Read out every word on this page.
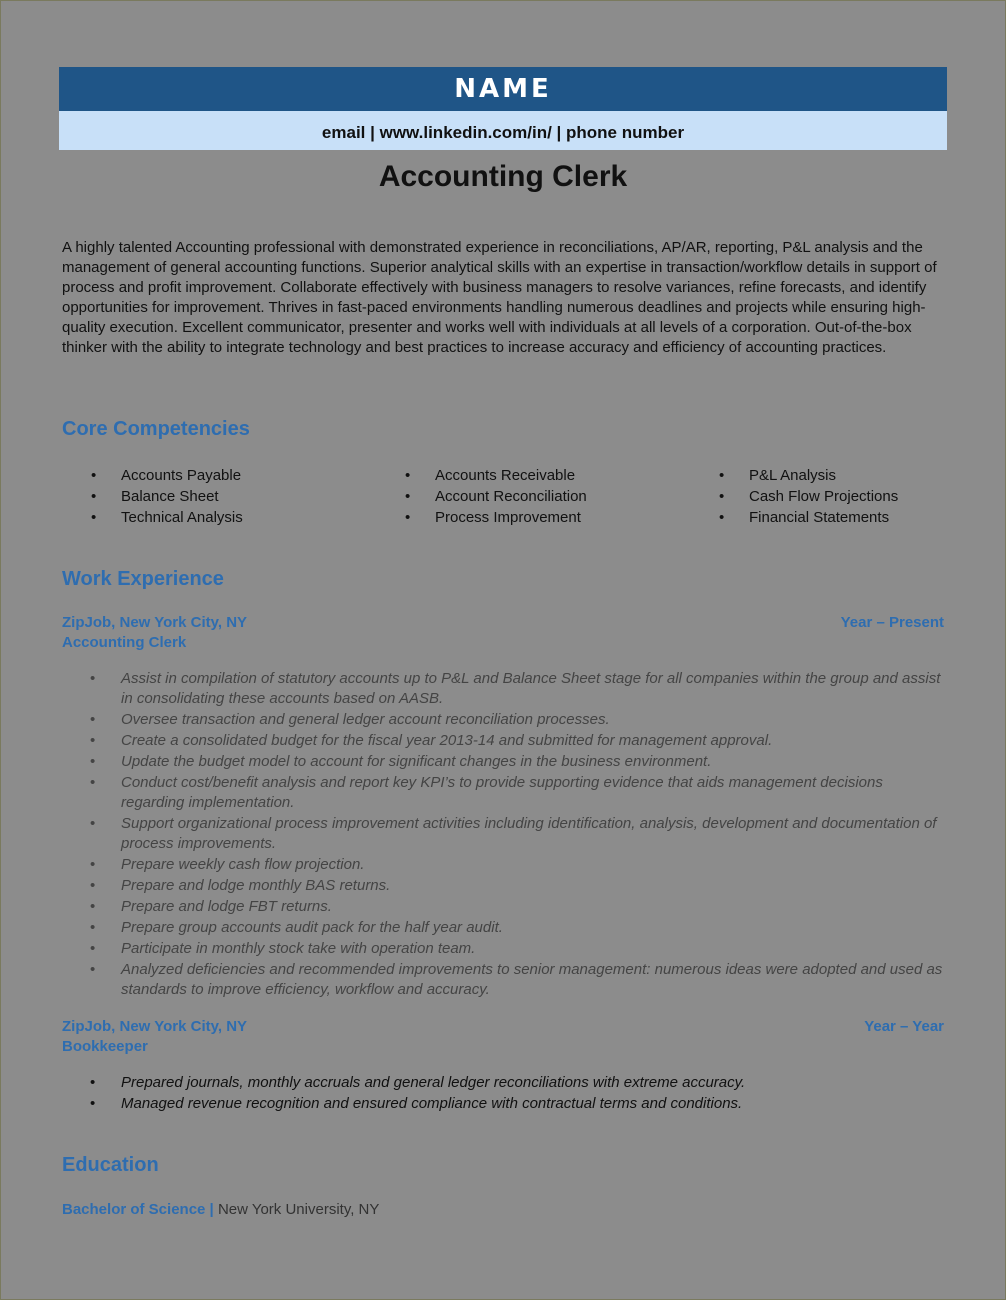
NAME
email | www.linkedin.com/in/ | phone number
Accounting Clerk
A highly talented Accounting professional with demonstrated experience in reconciliations, AP/AR, reporting, P&L analysis and the management of general accounting functions. Superior analytical skills with an expertise in transaction/workflow details in support of process and profit improvement. Collaborate effectively with business managers to resolve variances, refine forecasts, and identify opportunities for improvement. Thrives in fast-paced environments handling numerous deadlines and projects while ensuring high-quality execution. Excellent communicator, presenter and works well with individuals at all levels of a corporation. Out-of-the-box thinker with the ability to integrate technology and best practices to increase accuracy and efficiency of accounting practices.
Core Competencies
• Accounts Payable
• Balance Sheet
• Technical Analysis
• Accounts Receivable
• Account Reconciliation
• Process Improvement
• P&L Analysis
• Cash Flow Projections
• Financial Statements
Work Experience
ZipJob, New York City, NY	Year – Present
Accounting Clerk
• Assist in compilation of statutory accounts up to P&L and Balance Sheet stage for all companies within the group and assist in consolidating these accounts based on AASB.
• Oversee transaction and general ledger account reconciliation processes.
• Create a consolidated budget for the fiscal year 2013-14 and submitted for management approval.
• Update the budget model to account for significant changes in the business environment.
• Conduct cost/benefit analysis and report key KPI’s to provide supporting evidence that aids management decisions regarding implementation.
• Support organizational process improvement activities including identification, analysis, development and documentation of process improvements.
• Prepare weekly cash flow projection.
• Prepare and lodge monthly BAS returns.
• Prepare and lodge FBT returns.
• Prepare group accounts audit pack for the half year audit.
• Participate in monthly stock take with operation team.
• Analyzed deficiencies and recommended improvements to senior management: numerous ideas were adopted and used as standards to improve efficiency, workflow and accuracy.
ZipJob, New York City, NY	Year – Year
Bookkeeper
• Prepared journals, monthly accruals and general ledger reconciliations with extreme accuracy.
• Managed revenue recognition and ensured compliance with contractual terms and conditions.
Education
Bachelor of Science | New York University, NY
